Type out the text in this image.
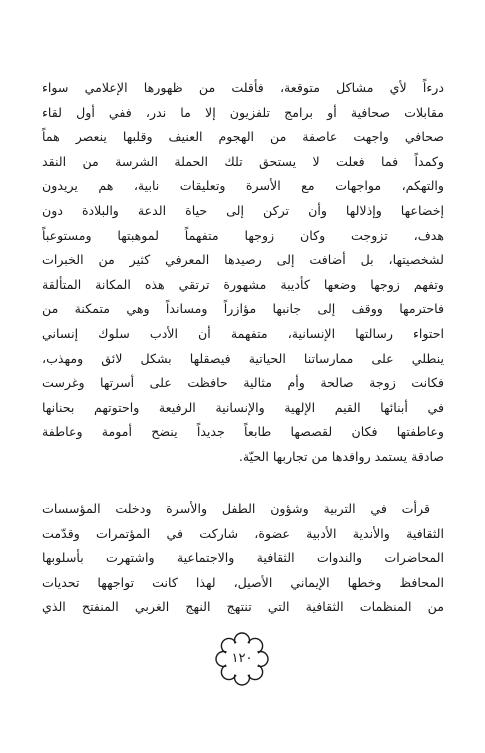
درءاً لأي مشاكل متوقعة، فأقلت من ظهورها الإعلامي سواء
مقابلات صحافية أو برامج تلفزيون إلا ما ندر، ففي أول لقاء
صحافي واجهت عاصفة من الهجوم العنيف وقلبها ينعصر هماً
وكمداً فما فعلت لا يستحق تلك الحملة الشرسة من النقد
والتهكم، مواجهات مع الأسرة وتعليقات نابية، هم يريدون
إخضاعها وإذلالها وأن تركن إلى حياة الدعة والبلادة دون
هدف، تزوجت وكان زوجها متفهماً لموهبتها ومستوعباً
لشخصيتها، بل أضافت إلى رصيدها المعرفي كثير من الخبرات
وتفهم زوجها وضعها كأديبة مشهورة ترتقي هذه المكانة المتألقة
فاحترمها ووقف إلى جانبها مؤازراً ومسانداً وهي متمكنة من
احتواء رسالتها الإنسانية، متفهمة أن الأدب سلوك إنساني
ينطلي على ممارساتنا الحياتية فيصقلها بشكل لائق ومهذب،
فكانت زوجة صالحة وأم مثالية حافظت على أسرتها وغرست
في أبنائها القيم الإلهية والإنسانية الرفيعة واحتوتهم بحنانها
وعاطفتها فكان لقصصها طابعاً جديداً ينضح أمومة وعاطفة
صادقة يستمد روافدها من تجاربها الحيّة.
قرأت في التربية وشؤون الطفل والأسرة ودخلت المؤسسات
الثقافية والأندية الأدبية عضوة، شاركت في المؤتمرات وقدّمت
المحاضرات والندوات الثقافية والاجتماعية واشتهرت بأسلوبها
المحافظ وخطها الإيماني الأصيل، لهذا كانت تواجهها تحديات
من المنظمات الثقافية التي تنتهج النهج الغربي المنفتح الذي
١٢٠
